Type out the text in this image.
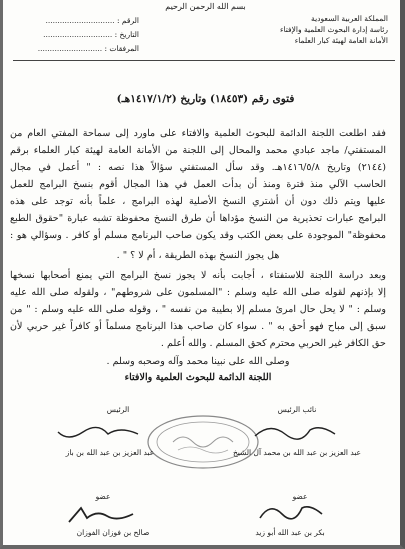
بسم الله الرحمن الرحيم
المملكة العربية السعودية
رئاسة إدارة البحوث العلمية والإفتاء
الأمانة العامة لهيئة كبار العلماء
الرقم : .............................
التاريخ : .............................
المرفقات : ...........................
فتوى رقم (١٨٤٥٣) وتاريخ (١٤١٧/١/٢هـ)
فقد اطلعت اللجنة الدائمة للبحوث العلمية والافتاء على ماورد إلى سماحة المفتي العام من
المستفتي/ ماجد عبادي محمد والمحال إلى اللجنة من الأمانة العامة لهيئة كبار العلماء برقم
(٢١٤٤) وتاريخ ١٤١٦/٥/٨هـ. وقد سأل المستفتي سؤالاً هذا نصه : " أعمل في مجال
الحاسب الآلي منذ فترة ومنذ أن بدأت العمل في هذا المجال أقوم بنسخ البرامج للعمل
عليها ويتم ذلك دون أن أشتري النسخ الأصلية لهذه البرامج ، علماً بأنه توجد على هذه
البرامج عبارات تحذيرية من النسخ مؤداها أن طرق النسخ محفوظة تشبه عبارة "حقوق الطبع
محفوظة" الموجودة على بعض الكتب وقد يكون صاحب البرنامج مسلم أو كافر . وسؤالي هو :
هل يجوز النسخ بهذه الطريقة ، أم لا ؟ " .
وبعد دراسة اللجنة للاستفتاء ، أجابت بأنه لا يجوز نسخ البرامج التي يمنع أصحابها نسخها
إلا بإذنهم لقوله صلى الله عليه وسلم : "المسلمون على شروطهم" ، ولقوله صلى الله عليه
وسلم : " لا يحل حال امرئ مسلم إلا بطيبة من نفسه " ، وقوله صلى الله عليه وسلم : " من
سبق إلى مباح فهو أحق به " . سواء كان صاحب هذا البرنامج مسلماً أو كافراً غير حربي لأن
حق الكافر غير الحربي محترم كحق المسلم . والله أعلم .
وصلى الله على نبينا محمد وآله وصحبه وسلم .
اللجنة الدائمة للبحوث العلمية والافتاء
نائب الرئيس
الرئيس
عبد العزيز بن عبد الله بن محمد آل الشيخ
عبد العزيز بن عبد الله بن باز
عضو
عضو
بكر بن عبد الله أبو زيد
صالح بن فوزان الفوزان
